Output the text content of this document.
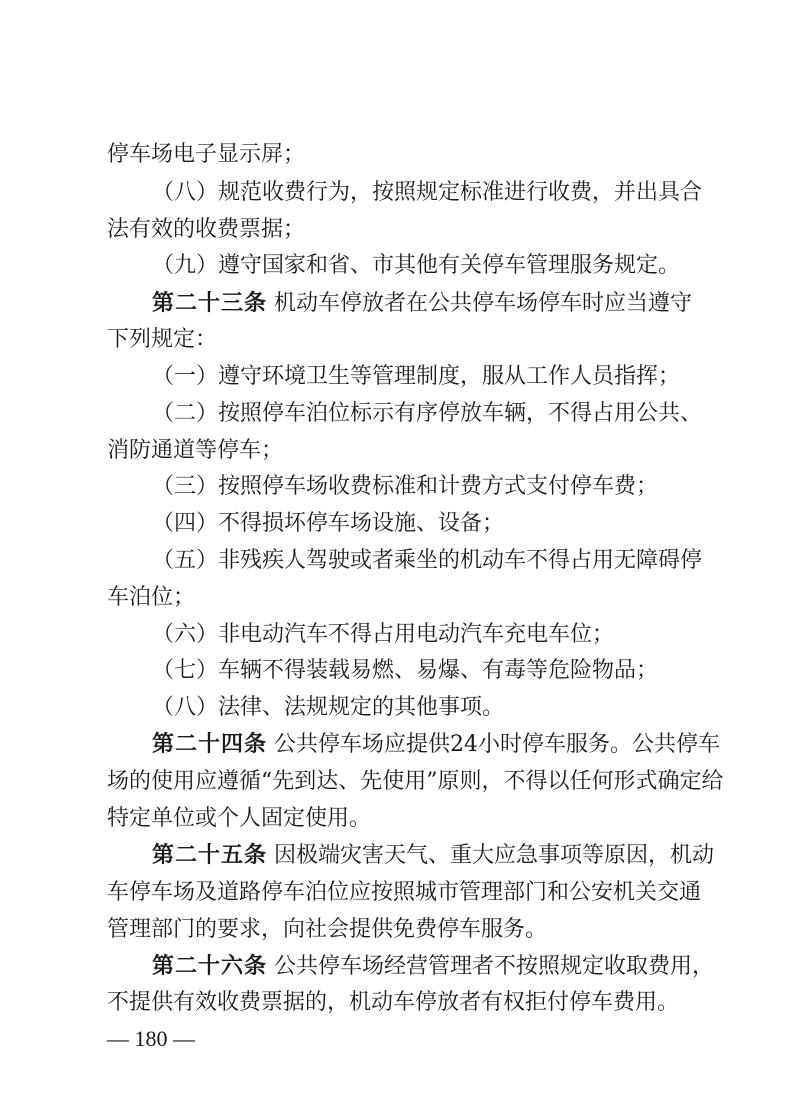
停车场电子显示屏；
（八）规范收费行为，按照规定标准进行收费，并出具合
法有效的收费票据；
（九）遵守国家和省、市其他有关停车管理服务规定。
第二十三条 机动车停放者在公共停车场停车时应当遵守
下列规定：
（一）遵守环境卫生等管理制度，服从工作人员指挥；
（二）按照停车泊位标示有序停放车辆，不得占用公共、
消防通道等停车；
（三）按照停车场收费标准和计费方式支付停车费；
（四）不得损坏停车场设施、设备；
（五）非残疾人驾驶或者乘坐的机动车不得占用无障碍停
车泊位；
（六）非电动汽车不得占用电动汽车充电车位；
（七）车辆不得装载易燃、易爆、有毒等危险物品；
（八）法律、法规规定的其他事项。
第二十四条 公共停车场应提供24小时停车服务。公共停车
场的使用应遵循“先到达、先使用”原则，不得以任何形式确定给
特定单位或个人固定使用。
第二十五条 因极端灾害天气、重大应急事项等原因，机动
车停车场及道路停车泊位应按照城市管理部门和公安机关交通
管理部门的要求，向社会提供免费停车服务。
第二十六条 公共停车场经营管理者不按照规定收取费用，
不提供有效收费票据的，机动车停放者有权拒付停车费用。
— 180 —
